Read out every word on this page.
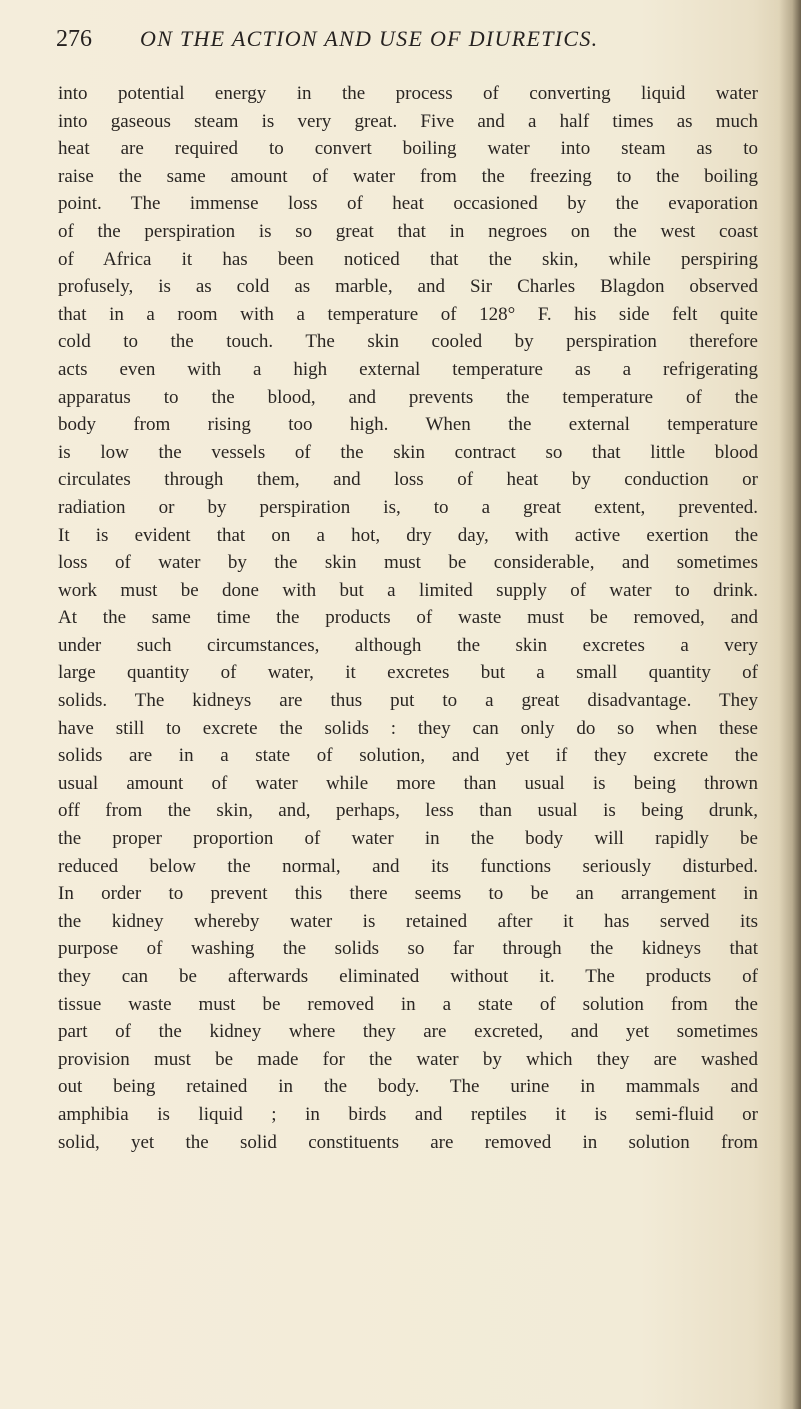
276 ON THE ACTION AND USE OF DIURETICS.
into potential energy in the process of converting liquid water
into gaseous steam is very great. Five and a half times as much
heat are required to convert boiling water into steam as to
raise the same amount of water from the freezing to the boiling
point. The immense loss of heat occasioned by the evaporation
of the perspiration is so great that in negroes on the west coast
of Africa it has been noticed that the skin, while perspiring
profusely, is as cold as marble, and Sir Charles Blagdon observed
that in a room with a temperature of 128° F. his side felt quite
cold to the touch. The skin cooled by perspiration therefore
acts even with a high external temperature as a refrigerating
apparatus to the blood, and prevents the temperature of the
body from rising too high. When the external temperature
is low the vessels of the skin contract so that little blood
circulates through them, and loss of heat by conduction or
radiation or by perspiration is, to a great extent, prevented.
It is evident that on a hot, dry day, with active exertion the
loss of water by the skin must be considerable, and sometimes
work must be done with but a limited supply of water to drink.
At the same time the products of waste must be removed, and
under such circumstances, although the skin excretes a very
large quantity of water, it excretes but a small quantity of
solids. The kidneys are thus put to a great disadvantage. They
have still to excrete the solids : they can only do so when these
solids are in a state of solution, and yet if they excrete the
usual amount of water while more than usual is being thrown
off from the skin, and, perhaps, less than usual is being drunk,
the proper proportion of water in the body will rapidly be
reduced below the normal, and its functions seriously disturbed.
In order to prevent this there seems to be an arrangement in
the kidney whereby water is retained after it has served its
purpose of washing the solids so far through the kidneys that
they can be afterwards eliminated without it. The products of
tissue waste must be removed in a state of solution from the
part of the kidney where they are excreted, and yet sometimes
provision must be made for the water by which they are washed
out being retained in the body. The urine in mammals and
amphibia is liquid ; in birds and reptiles it is semi-fluid or
solid, yet the solid constituents are removed in solution from
